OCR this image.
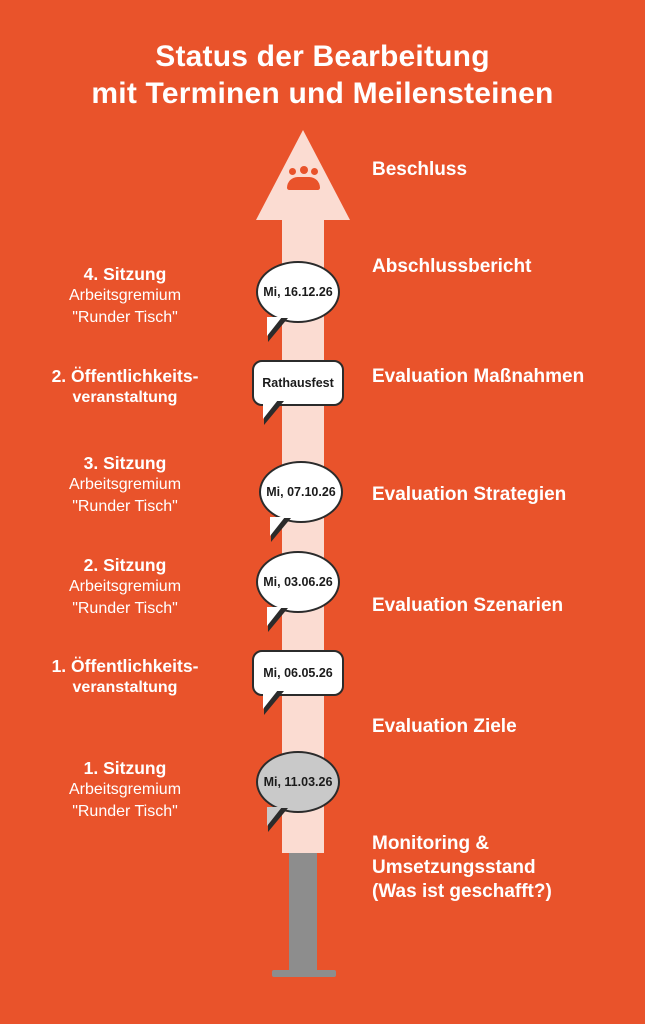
Status der Bearbeitung
mit Terminen und Meilensteinen
Beschluss
Abschlussbericht
Evaluation Maßnahmen
Evaluation Strategien
Evaluation Szenarien
Evaluation Ziele
Monitoring &
Umsetzungsstand
(Was ist geschafft?)
4. Sitzung
Arbeitsgremium
"Runder Tisch"
2. Öffentlichkeits-
veranstaltung
3. Sitzung
Arbeitsgremium
"Runder Tisch"
2. Sitzung
Arbeitsgremium
"Runder Tisch"
1. Öffentlichkeits-
veranstaltung
1. Sitzung
Arbeitsgremium
"Runder Tisch"
Mi, 16.12.26
Rathausfest
Mi, 07.10.26
Mi, 03.06.26
Mi, 06.05.26
Mi, 11.03.26
